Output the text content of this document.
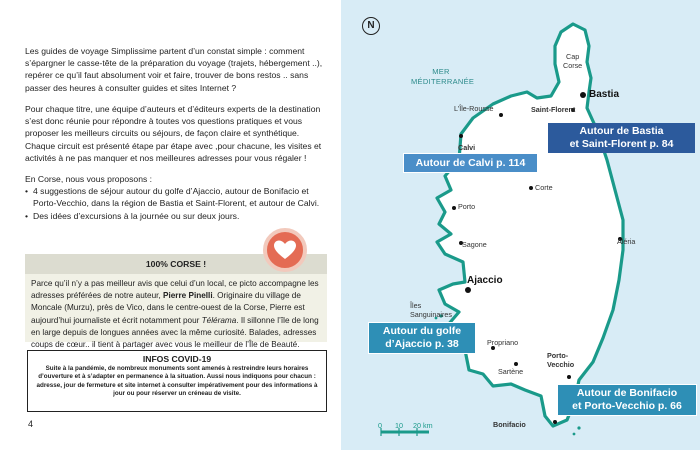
Les guides de voyage Simplissime partent d’un constat simple : comment s’épargner le casse-tête de la préparation du voyage (trajets, hébergement ..), repérer ce qu’il faut absolument voir et faire, trouver de bons restos .. sans passer des heures à consulter guides et sites Internet ?

Pour chaque titre, une équipe d’auteurs et d’éditeurs experts de la destination s’est donc réunie pour répondre à toutes vos questions pratiques et vous proposer les meilleurs circuits ou séjours, de façon claire et synthétique. Chaque circuit est présenté étape par étape avec ,pour chacune, les visites et activités à ne pas manquer et nos meilleures adresses pour vous régaler !

En Corse, nous vous proposons :

• 4 suggestions de séjour autour du golfe d’Ajaccio, autour de Bonifacio et Porto-Vecchio, dans la région de Bastia et Saint-Florent, et autour de Calvi.
• Des idées d’excursions à la journée ou sur deux jours.
100% CORSE !
Parce qu’il n’y a pas meilleur avis que celui d’un local, ce picto accompagne les adresses préférées de notre auteur, Pierre Pinelli. Originaire du village de Moncale (Murzu), près de Vico, dans le centre-ouest de la Corse, Pierre est aujourd’hui journaliste et écrit notamment pour Télérama. Il sillonne l’île de long en large depuis de longues années avec la même curiosité. Balades, adresses coups de cœur.. il tient à partager avec vous le meilleur de l’Île de Beauté.
INFOS COVID-19
Suite à la pandémie, de nombreux monuments sont amenés à restreindre leurs horaires d’ouverture et à s’adapter en permanence à la situation. Aussi nous indiquons pour chacun : adresse, jour de fermeture et site internet à consulter impérativement pour des informations à jour ou pour réserver un créneau de visite.
4
N
0 10 20 km
MER
MÉDITERRANÉE
Cap
Corse
Bastia
Saint-Florent
L’Île-Rousse
Calvi
Corte
Porto
Sagone	Aléria
Ajaccio
Îles
Sanguinaires
Propriano
Sartène
Porto-
Vecchio
Bonifacio
Autour de Bastia
et Saint-Florent p. 84
Autour de Calvi p. 114
Autour du golfe
d’Ajaccio p. 38
Autour de Bonifacio
et Porto-Vecchio p. 66
